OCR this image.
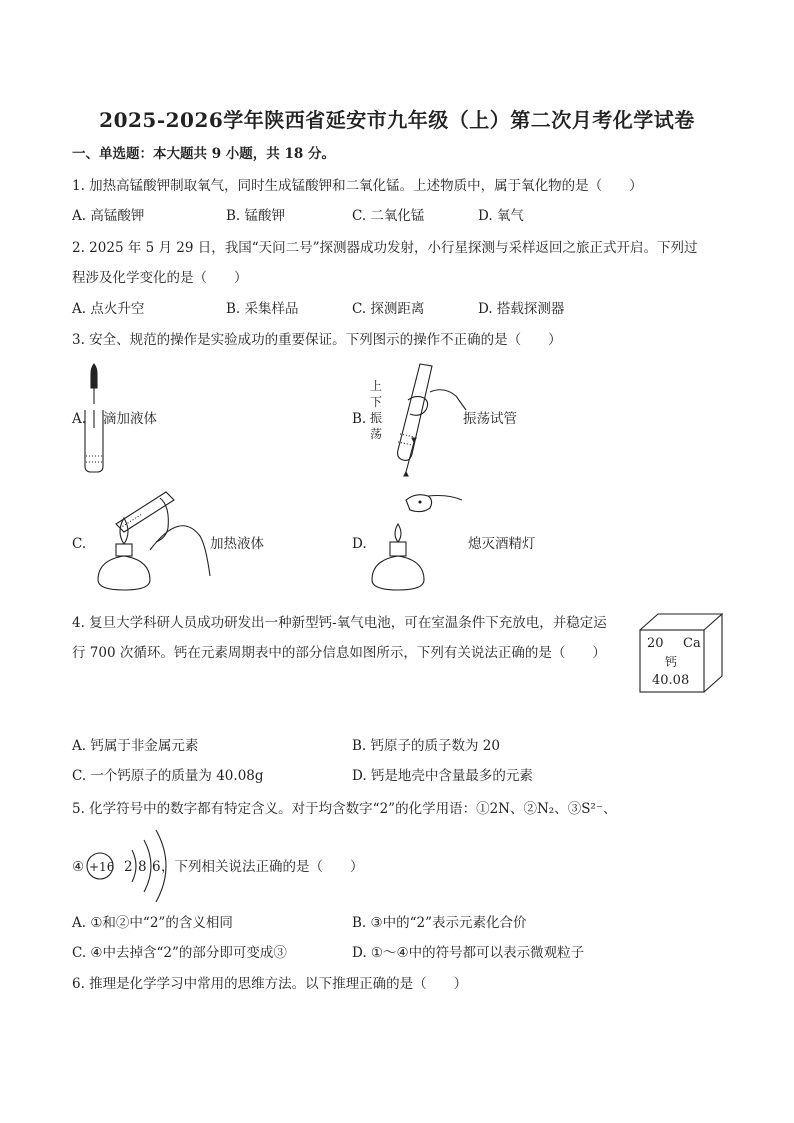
2025-2026学年陕西省延安市九年级（上）第二次月考化学试卷
一、单选题：本大题共 9 小题，共 18 分。
1. 加热高锰酸钾制取氧气，同时生成锰酸钾和二氧化锰。上述物质中，属于氧化物的是（　　）
A. 高锰酸钾	B. 锰酸钾	C. 二氧化锰	D. 氧气
2. 2025 年 5 月 29 日，我国“天问二号”探测器成功发射，小行星探测与采样返回之旅正式开启。下列过
程涉及化学变化的是（　　）
A. 点火升空	B. 采集样品	C. 探测距离	D. 搭载探测器
3. 安全、规范的操作是实验成功的重要保证。下列图示的操作不正确的是（　　）
A. 滴加液体	B.
上
下
振
荡
振荡试管
C.	加热液体	D.	熄灭酒精灯
4. 复旦大学科研人员成功研发出一种新型钙-氧气电池，可在室温条件下充放电，并稳定运
行 700 次循环。钙在元素周期表中的部分信息如图所示，下列有关说法正确的是（　　）
20 Ca
钙
40.08
A. 钙属于非金属元素	B. 钙原子的质子数为 20
C. 一个钙原子的质量为 40.08g	D. 钙是地壳中含量最多的元素
5. 化学符号中的数字都有特定含义。对于均含数字“2”的化学用语：①2N、②N₂、③S²⁻、
④ +16 2 8 6 ，下列相关说法正确的是（　　）
A. ①和②中“2”的含义相同	B. ③中的“2”表示元素化合价
C. ④中去掉含“2”的部分即可变成③	D. ①～④中的符号都可以表示微观粒子
6. 推理是化学学习中常用的思维方法。以下推理正确的是（　　）
